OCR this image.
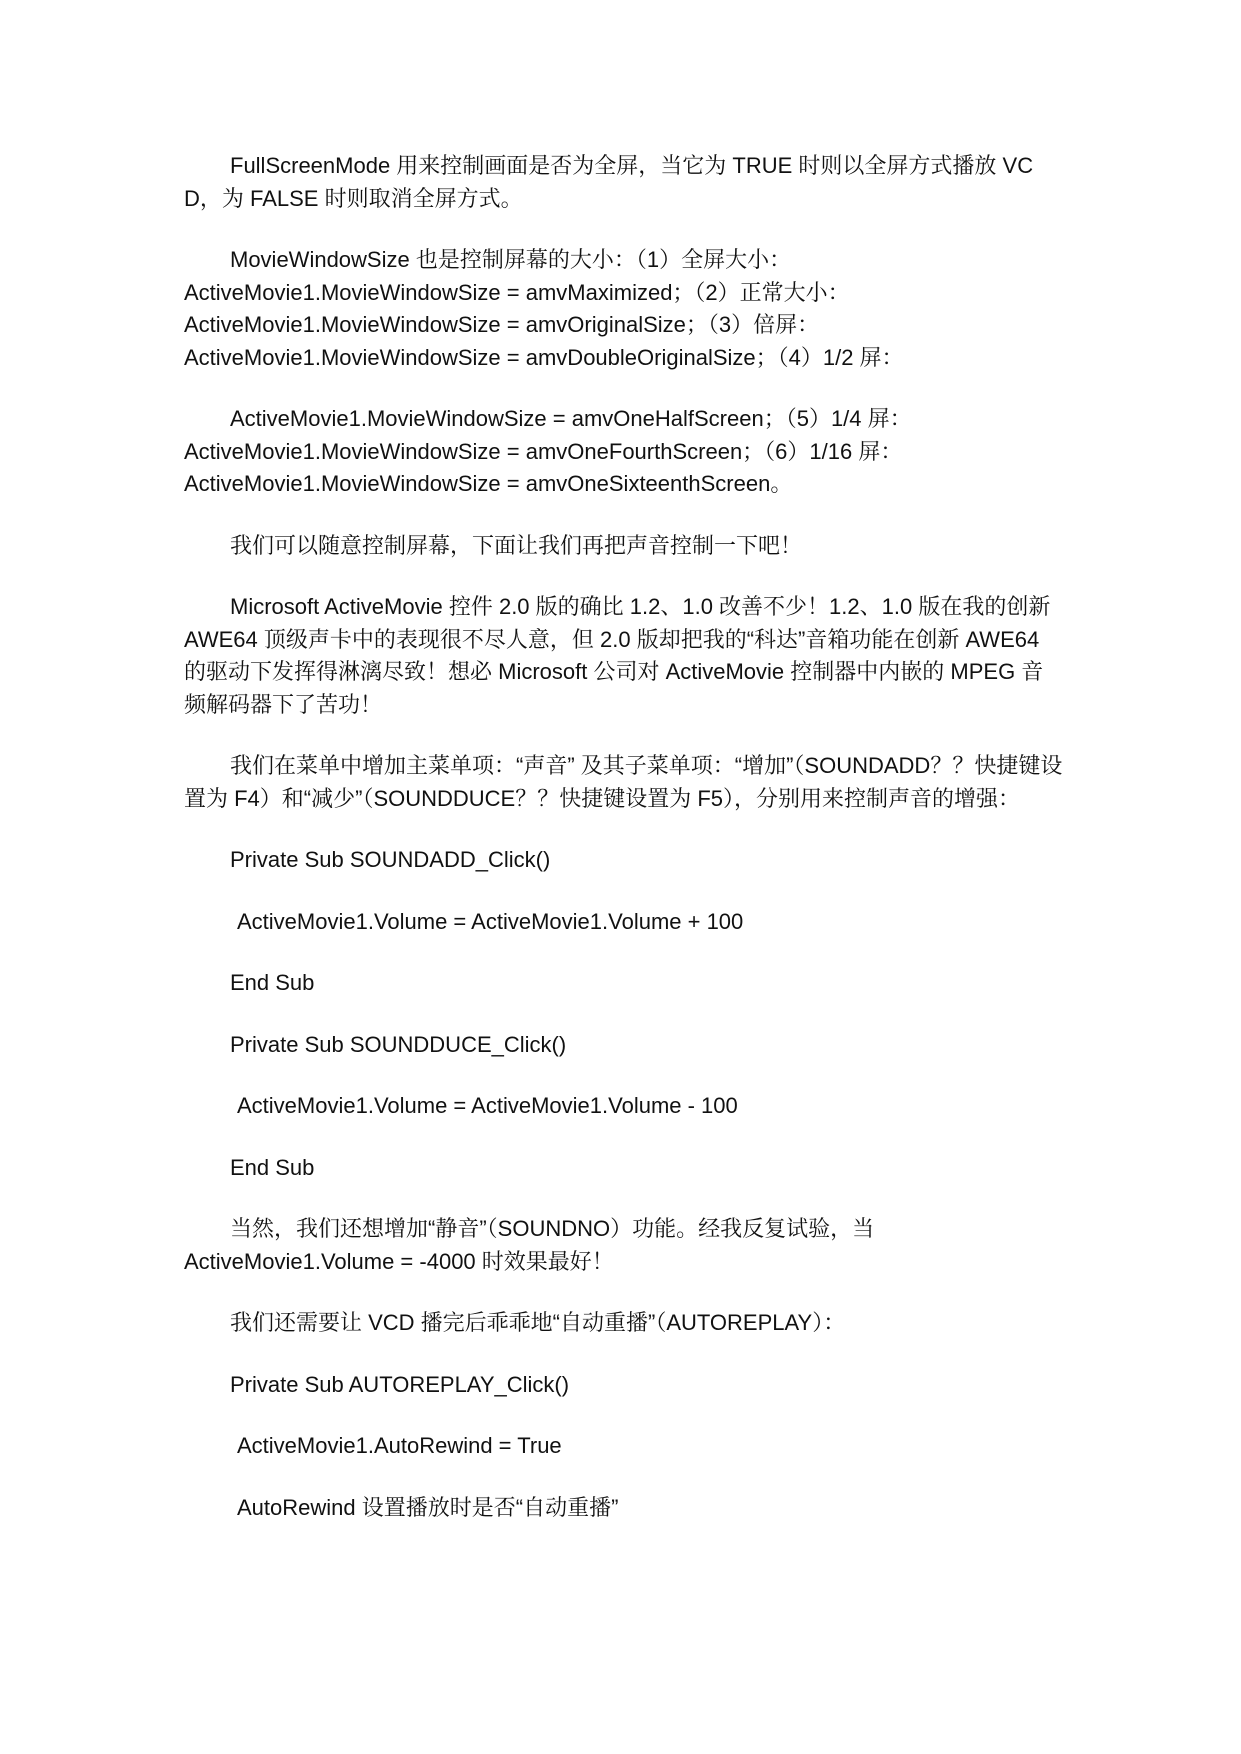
FullScreenMode 用来控制画面是否为全屏，当它为 TRUE 时则以全屏方式播放 VCD，为 FALSE 时则取消全屏方式。

MovieWindowSize 也是控制屏幕的大小：（1）全屏大小：
ActiveMovie1.MovieWindowSize = amvMaximized；（2）正常大小：
ActiveMovie1.MovieWindowSize = amvOriginalSize；（3）倍屏：
ActiveMovie1.MovieWindowSize = amvDoubleOriginalSize；（4）1/2 屏：
ActiveMovie1.MovieWindowSize = amvOneHalfScreen；（5）1/4 屏：
ActiveMovie1.MovieWindowSize = amvOneFourthScreen；（6）1/16 屏：
ActiveMovie1.MovieWindowSize = amvOneSixteenthScreen。

我们可以随意控制屏幕，下面让我们再把声音控制一下吧！

Microsoft ActiveMovie 控件 2.0 版的确比 1.2、1.0 改善不少！1.2、1.0 版在我的创新 AWE64 顶级声卡中的表现很不尽人意，但 2.0 版却把我的“科达”音箱功能在创新 AWE64 的驱动下发挥得淋漓尽致！想必 Microsoft 公司对 ActiveMovie 控制器中内嵌的 MPEG 音频解码器下了苦功！

我们在菜单中增加主菜单项：“声音” 及其子菜单项：“增加”（SOUNDADD？？快捷键设置为 F4）和“减少”（SOUNDDUCE？？快捷键设置为 F5），分别用来控制声音的增强：

Private Sub SOUNDADD_Click()
ActiveMovie1.Volume = ActiveMovie1.Volume + 100
End Sub
Private Sub SOUNDDUCE_Click()
ActiveMovie1.Volume = ActiveMovie1.Volume - 100
End Sub
当然，我们还想增加“静音”（SOUNDNO）功能。经我反复试验，当
ActiveMovie1.Volume = -4000 时效果最好！

我们还需要让 VCD 播完后乖乖地“自动重播”（AUTOREPLAY）：

Private Sub AUTOREPLAY_Click()
ActiveMovie1.AutoRewind = True
AutoRewind 设置播放时是否“自动重播”
